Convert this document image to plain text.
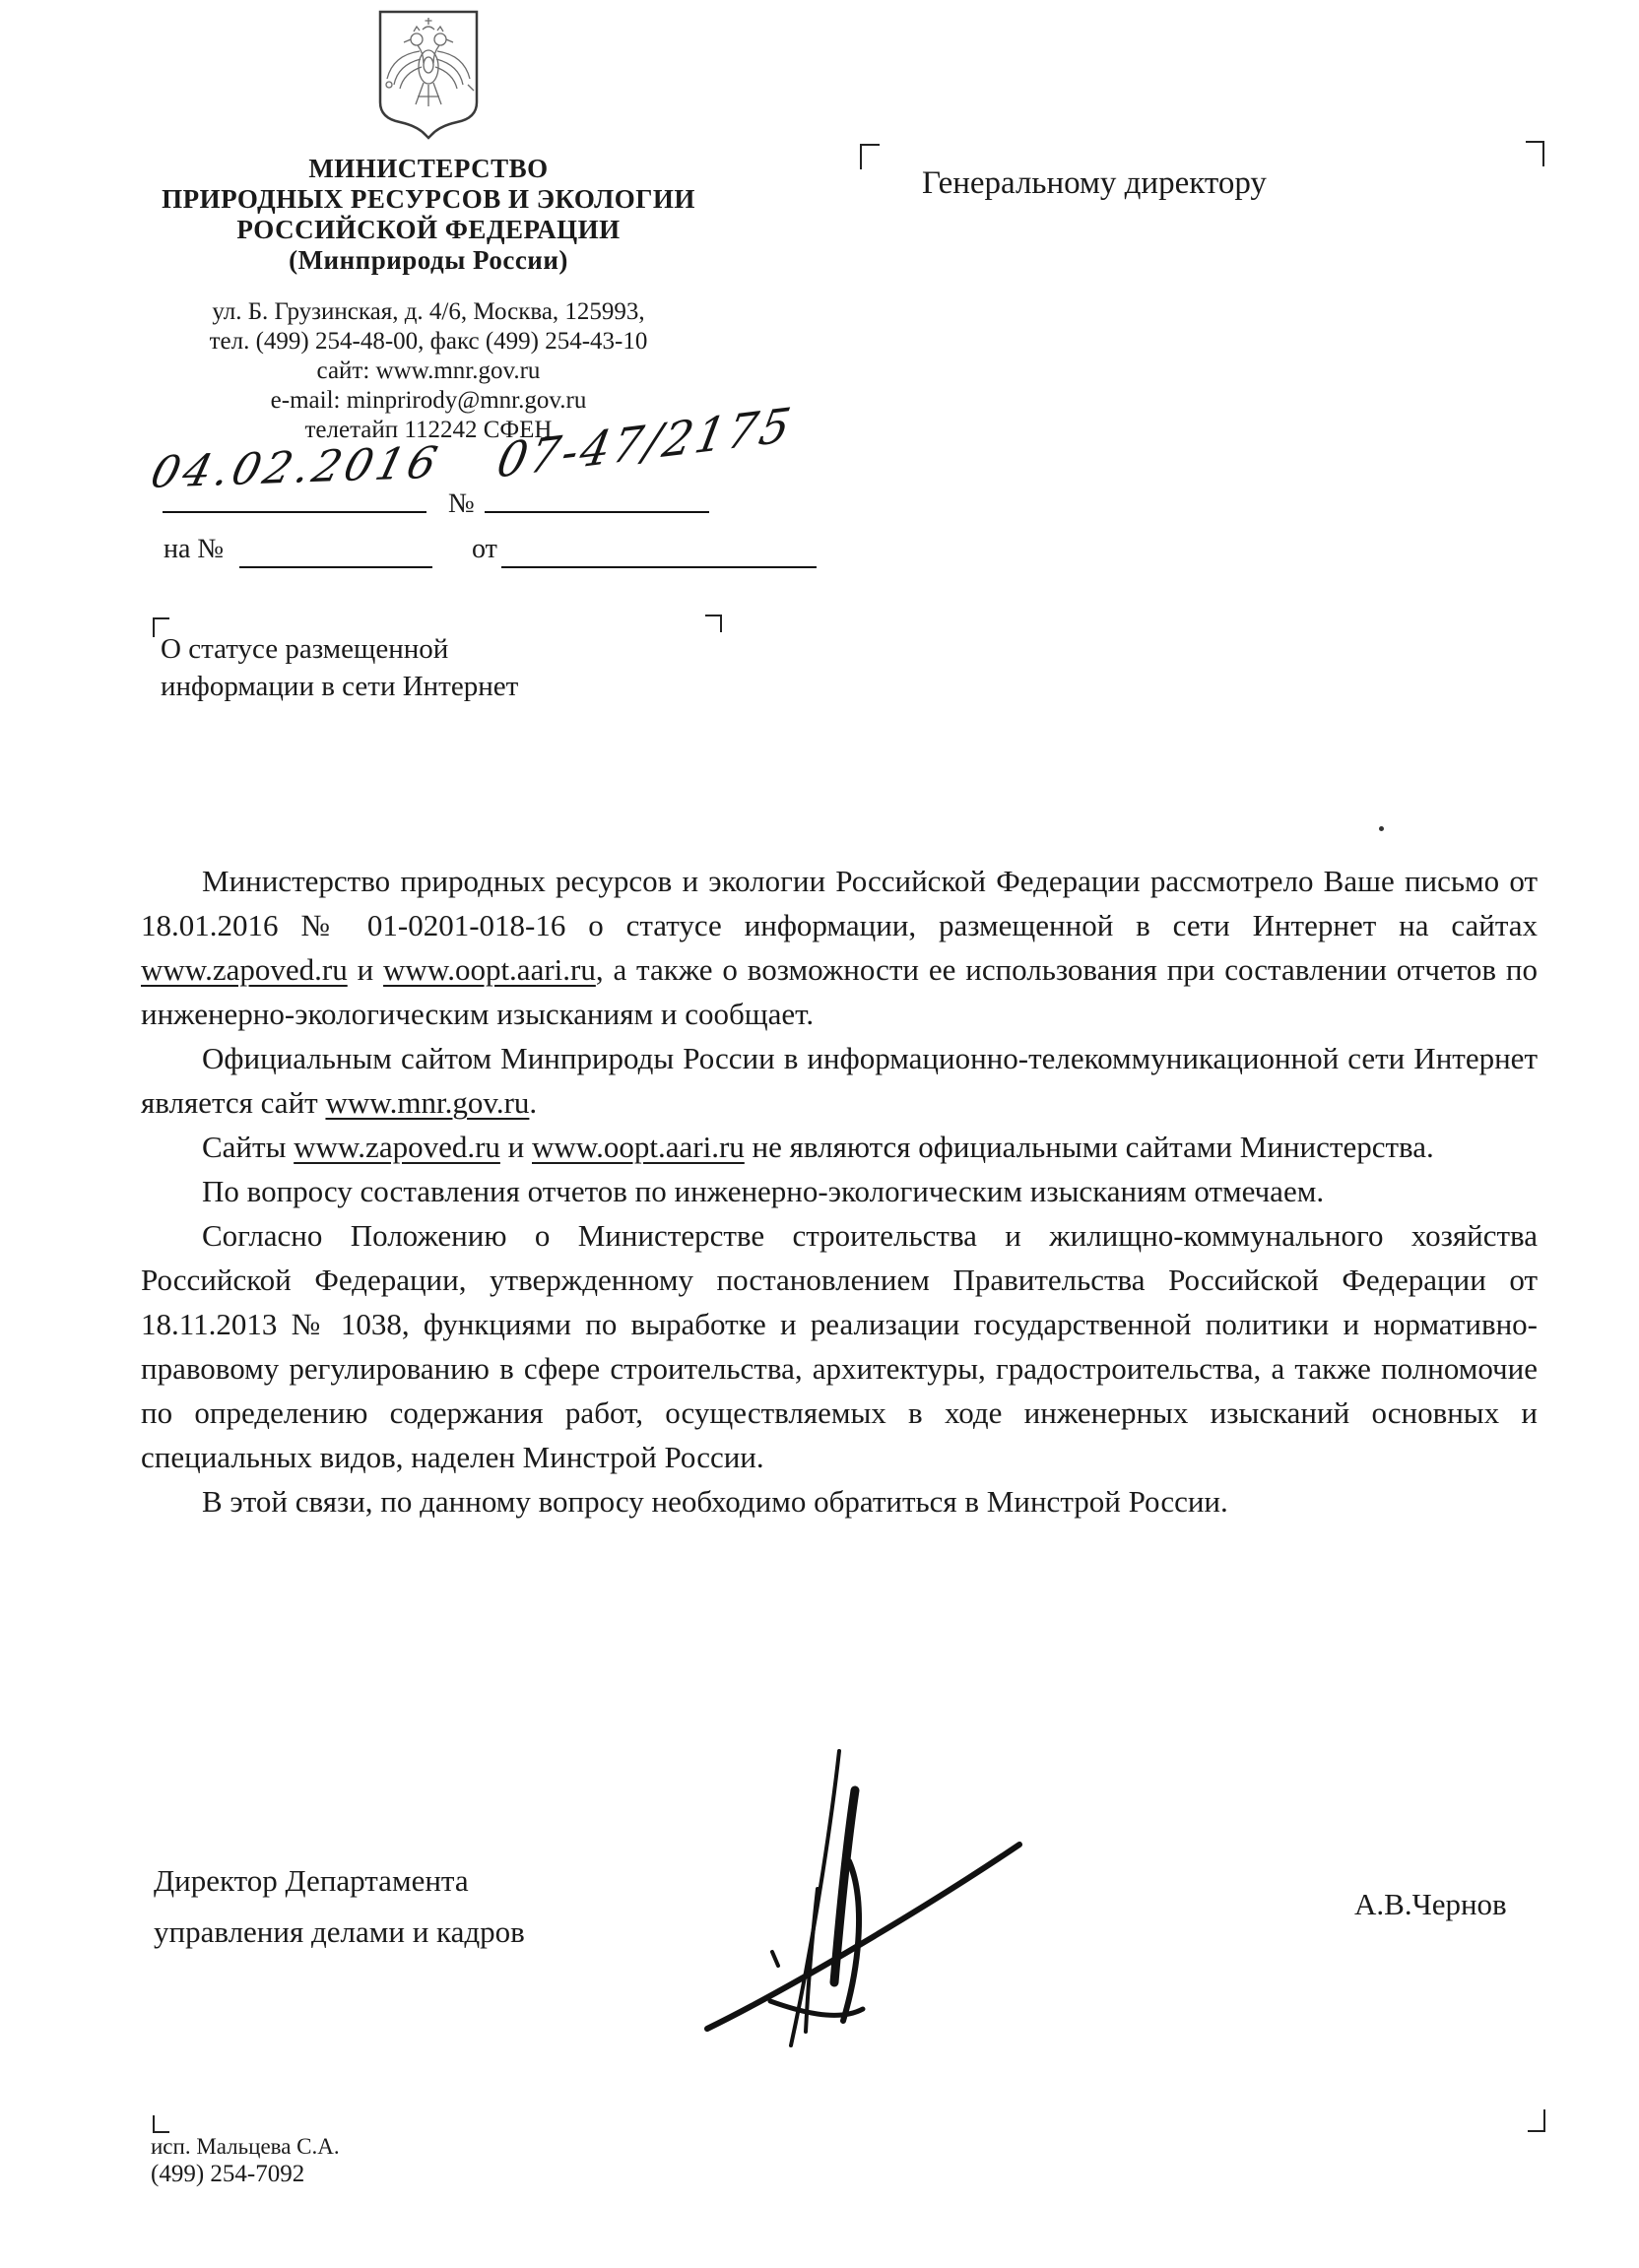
МИНИСТЕРСТВО
ПРИРОДНЫХ РЕСУРСОВ И ЭКОЛОГИИ
РОССИЙСКОЙ ФЕДЕРАЦИИ
(Минприроды России)
ул. Б. Грузинская, д. 4/6, Москва, 125993,
тел. (499) 254-48-00, факс (499) 254-43-10
сайт: www.mnr.gov.ru
e-mail: minprirody@mnr.gov.ru
телетайп 112242 СФЕН
04.02.2016
№
07-47/2175
на №	от
Генеральному директору
О статусе размещенной
информации в сети Интернет

Министерство природных ресурсов и экологии Российской Федерации рассмотрело Ваше письмо от 18.01.2016 № 01-0201-018-16 о статусе информации, размещенной в сети Интернет на сайтах www.zapoved.ru и www.oopt.aari.ru, а также о возможности ее использования при составлении отчетов по инженерно-экологическим изысканиям и сообщает.

Официальным сайтом Минприроды России в информационно-телекоммуникационной сети Интернет является сайт www.mnr.gov.ru.

Сайты www.zapoved.ru и www.oopt.aari.ru не являются официальными сайтами Министерства.

По вопросу составления отчетов по инженерно-экологическим изысканиям отмечаем.

Согласно Положению о Министерстве строительства и жилищно-коммунального хозяйства Российской Федерации, утвержденному постановлением Правительства Российской Федерации от 18.11.2013 № 1038, функциями по выработке и реализации государственной политики и нормативно-правовому регулированию в сфере строительства, архитектуры, градостроительства, а также полномочие по определению содержания работ, осуществляемых в ходе инженерных изысканий основных и специальных видов, наделен Минстрой России.

В этой связи, по данному вопросу необходимо обратиться в Минстрой России.

Директор Департамента
управления делами и кадров
А.В.Чернов
исп. Мальцева С.А.
(499) 254-7092
